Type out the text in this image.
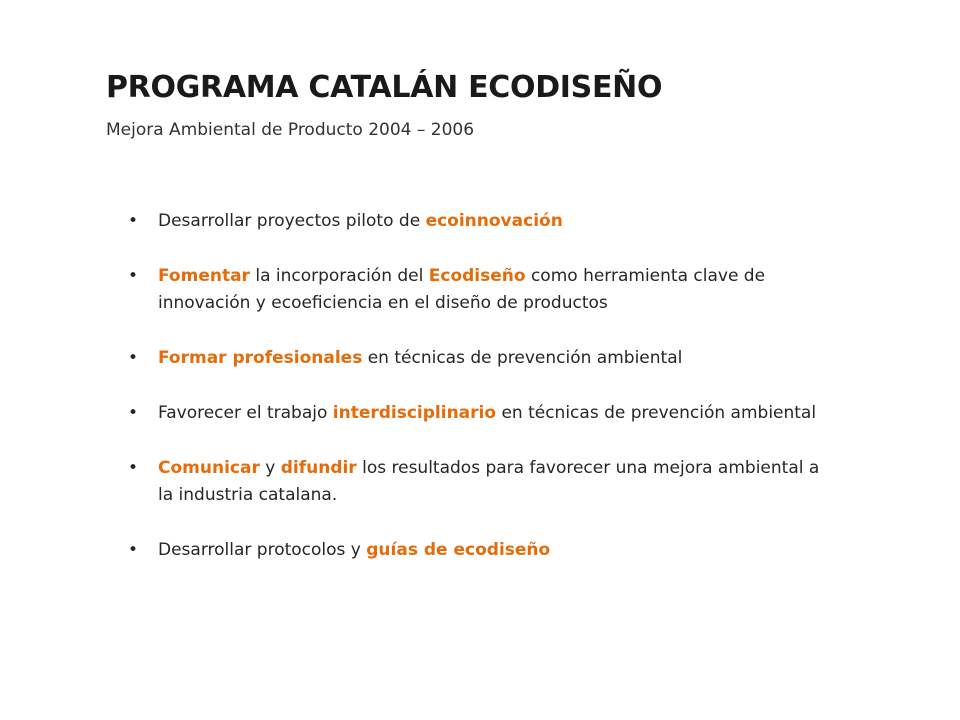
PROGRAMA CATALÁN ECODISEÑO

Mejora Ambiental de Producto 2004 – 2006

• Desarrollar proyectos piloto de ecoinnovación
• Fomentar la incorporación del Ecodiseño como herramienta clave de innovación y ecoeficiencia en el diseño de productos
• Formar profesionales en técnicas de prevención ambiental
• Favorecer el trabajo interdisciplinario en técnicas de prevención ambiental
• Comunicar y difundir los resultados para favorecer una mejora ambiental a la industria catalana.
• Desarrollar protocolos y guías de ecodiseño
